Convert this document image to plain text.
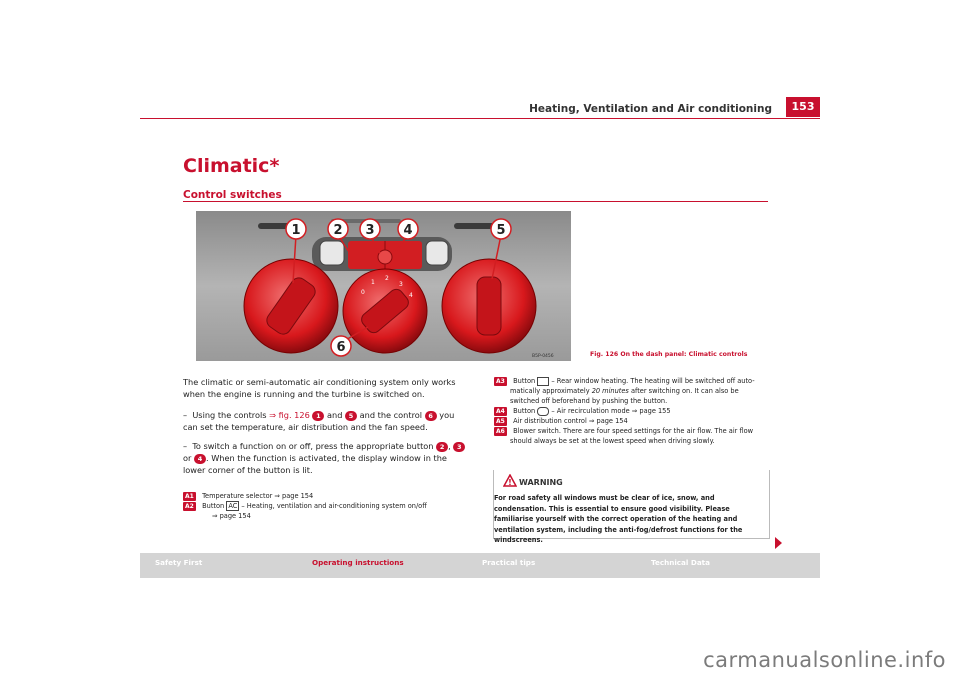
Heating, Ventilation and Air conditioning	153
Climatic*
Control switches
0
1
2
3
4
1	2 3 4	5
6
B5P-0456	Fig. 126 On the dash panel: Climatic controls
The climatic or semi-automatic air conditioning system only works when the engine is running and the turbine is switched on.
– Using the controls ⇒ fig. 126 1 and 5 and the control 6 you can set the temperature, air distribution and the fan speed.
– To switch a function on or off, press the appropriate button 2 , 3 or 4 . When the function is activated, the display window in the lower corner of the button is lit.
A1 Temperature selector ⇒ page 154
A2 Button AC – Heating, ventilation and air-conditioning system on/off
⇒ page 154
A3 Button  – Rear window heating. The heating will be switched off auto-
matically approximately 20 minutes after switching on. It can also be
switched off beforehand by pushing the button.
A4 Button  – Air recirculation mode ⇒ page 155
A5 Air distribution control ⇒ page 154
A6 Blower switch. There are four speed settings for the air flow. The air flow
should always be set at the lowest speed when driving slowly.
! WARNING
For road safety all windows must be clear of ice, snow, and condensation. This is essential to ensure good visibility. Please familiarise yourself with the correct operation of the heating and ventilation system, including the anti-fog/defrost functions for the windscreens.
Safety First	Operating instructions	Practical tips	Technical Data
carmanualsonline.info
